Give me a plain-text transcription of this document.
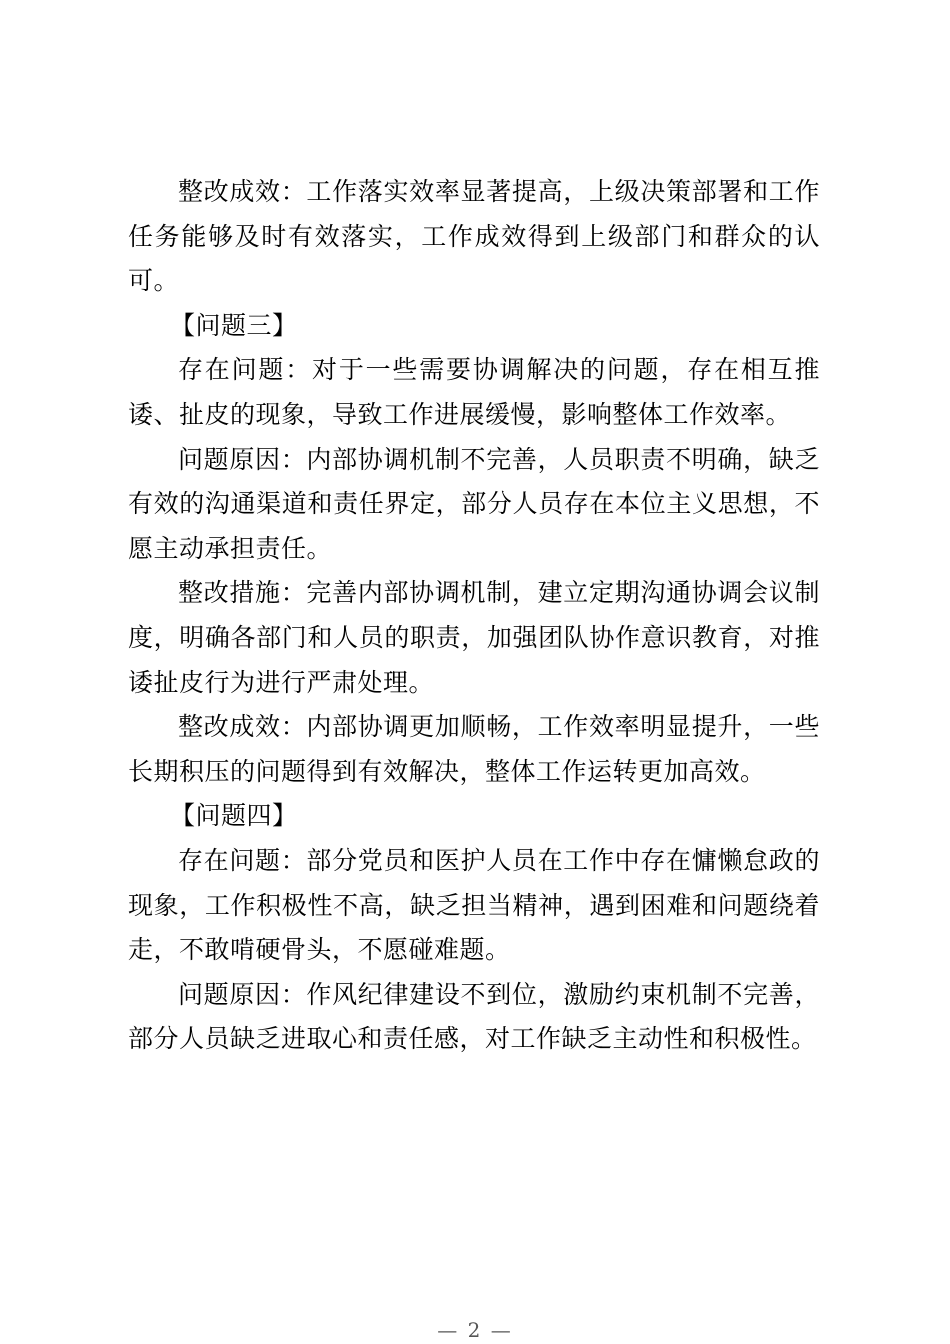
整改成效：工作落实效率显著提高，上级决策部署和工作任务能够及时有效落实，工作成效得到上级部门和群众的认可。

【问题三】

存在问题：对于一些需要协调解决的问题，存在相互推诿、扯皮的现象，导致工作进展缓慢，影响整体工作效率。

问题原因：内部协调机制不完善，人员职责不明确，缺乏有效的沟通渠道和责任界定，部分人员存在本位主义思想，不愿主动承担责任。

整改措施：完善内部协调机制，建立定期沟通协调会议制度，明确各部门和人员的职责，加强团队协作意识教育，对推诿扯皮行为进行严肃处理。

整改成效：内部协调更加顺畅，工作效率明显提升，一些长期积压的问题得到有效解决，整体工作运转更加高效。

【问题四】

存在问题：部分党员和医护人员在工作中存在慵懒怠政的现象，工作积极性不高，缺乏担当精神，遇到困难和问题绕着走，不敢啃硬骨头，不愿碰难题。

问题原因：作风纪律建设不到位，激励约束机制不完善，部分人员缺乏进取心和责任感，对工作缺乏主动性和积极性。

— 2 —
